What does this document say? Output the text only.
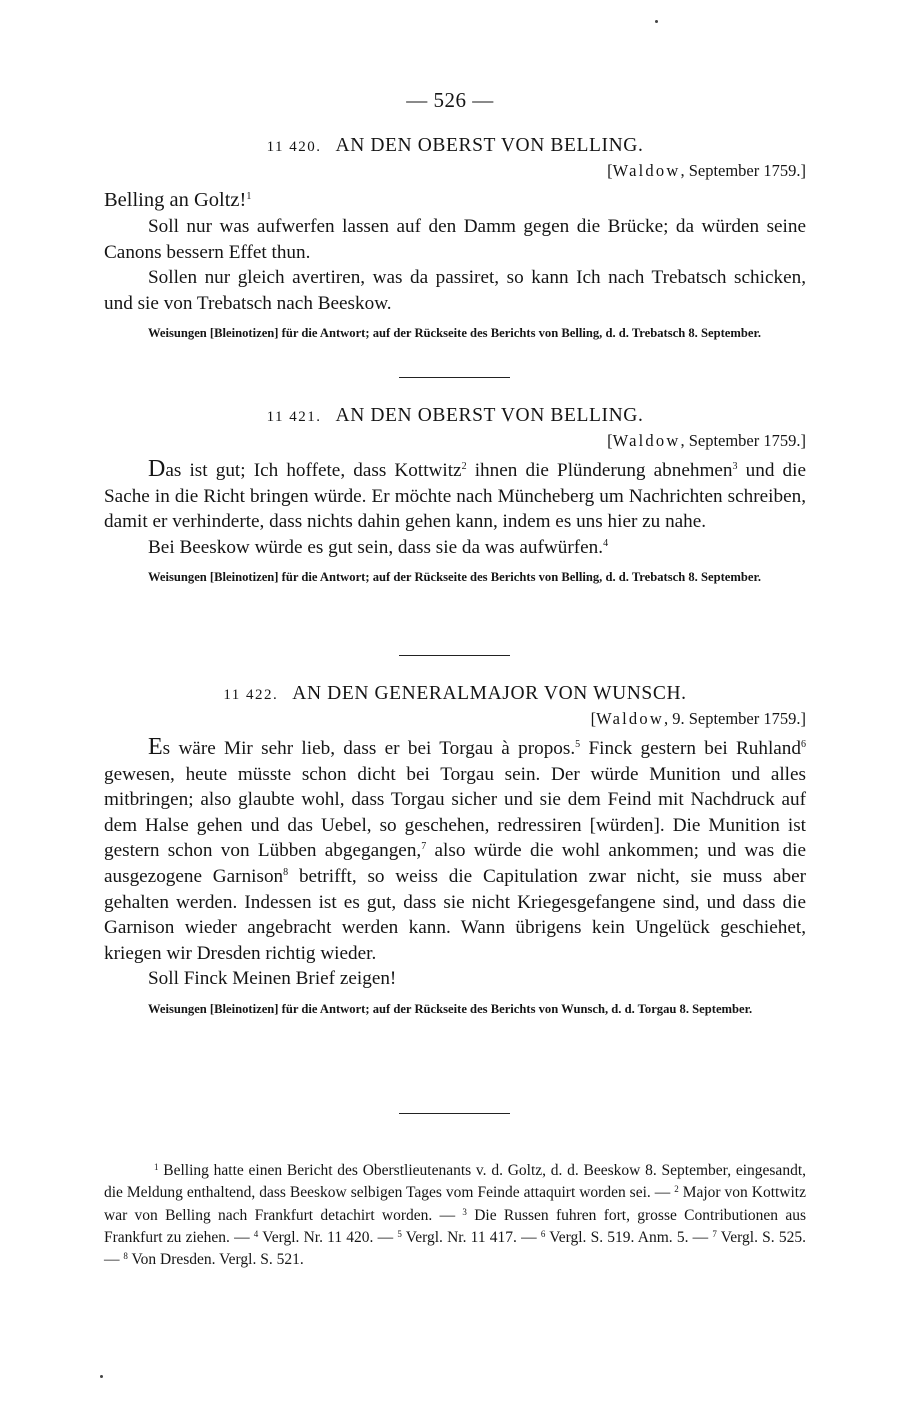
— 526 —
11 420. AN DEN OBERST VON BELLING.
[Waldow, September 1759.]

Belling an Goltz!$^1$

Soll nur was aufwerfen lassen auf den Damm gegen die Brücke; da würden seine Canons bessern Effet thun.

Sollen nur gleich avertiren, was da passiret, so kann Ich nach Trebatsch schicken, und sie von Trebatsch nach Beeskow.

Weisungen [Bleinotizen] für die Antwort; auf der Rückseite des Berichts von Belling, d. d. Trebatsch 8. September.
11 421. AN DEN OBERST VON BELLING.
[Waldow, September 1759.]

Das ist gut; Ich hoffete, dass Kottwitz$^2$ ihnen die Plünderung abnehmen$^3$ und die Sache in die Richt bringen würde. Er möchte nach Müncheberg um Nachrichten schreiben, damit er verhinderte, dass nichts dahin gehen kann, indem es uns hier zu nahe.

Bei Beeskow würde es gut sein, dass sie da was aufwürfen.$^4$

Weisungen [Bleinotizen] für die Antwort; auf der Rückseite des Berichts von Belling, d. d. Trebatsch 8. September.
11 422. AN DEN GENERALMAJOR VON WUNSCH.
[Waldow, 9. September 1759.]

Es wäre Mir sehr lieb, dass er bei Torgau à propos.$^5$ Finck gestern bei Ruhland$^6$ gewesen, heute müsste schon dicht bei Torgau sein. Der würde Munition und alles mitbringen; also glaubte wohl, dass Torgau sicher und sie dem Feind mit Nachdruck auf dem Halse gehen und das Uebel, so geschehen, redressiren [würden]. Die Munition ist gestern schon von Lübben abgegangen,$^7$ also würde die wohl ankommen; und was die ausgezogene Garnison$^8$ betrifft, so weiss die Capitulation zwar nicht, sie muss aber gehalten werden. Indessen ist es gut, dass sie nicht Kriegesgefangene sind, und dass die Garnison wieder angebracht werden kann. Wann übrigens kein Ungelück geschiehet, kriegen wir Dresden richtig wieder.

Soll Finck Meinen Brief zeigen!

Weisungen [Bleinotizen] für die Antwort; auf der Rückseite des Berichts von Wunsch, d. d. Torgau 8. September.
$^1$ Belling hatte einen Bericht des Oberstlieutenants v. d. Goltz, d. d. Beeskow 8. September, eingesandt, die Meldung enthaltend, dass Beeskow selbigen Tages vom Feinde attaquirt worden sei. — $^2$ Major von Kottwitz war von Belling nach Frankfurt detachirt worden. — $^3$ Die Russen fuhren fort, grosse Contributionen aus Frankfurt zu ziehen. — $^4$ Vergl. Nr. 11 420. — $^5$ Vergl. Nr. 11 417. — $^6$ Vergl. S. 519. Anm. 5. — $^7$ Vergl. S. 525. — $^8$ Von Dresden. Vergl. S. 521.
